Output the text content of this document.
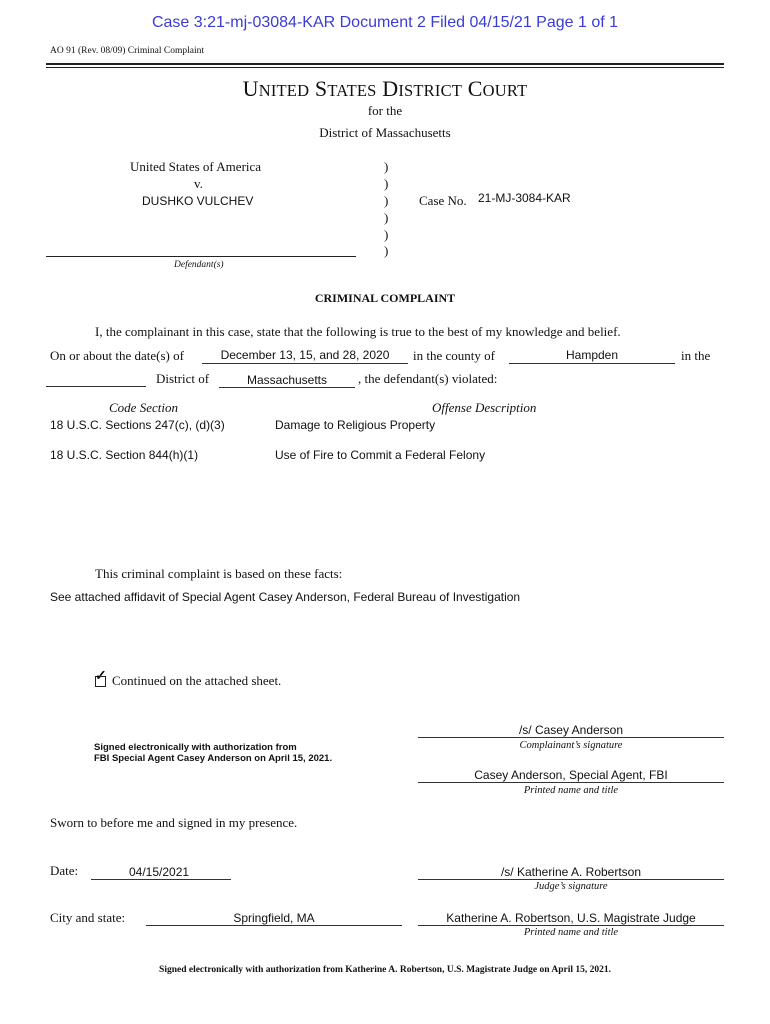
Case 3:21-mj-03084-KAR Document 2 Filed 04/15/21 Page 1 of 1
AO 91 (Rev. 08/09) Criminal Complaint
UNITED STATES DISTRICT COURT
for the
District of Massachusetts
United States of America
v.
DUSHKO VULCHEV
Defendant(s)
)
)
)
)
)
)
Case No. 21-MJ-3084-KAR
CRIMINAL COMPLAINT
I, the complainant in this case, state that the following is true to the best of my knowledge and belief.
On or about the date(s) of	December 13, 15, and 28, 2020	in the county of	Hampden	in the
District of	Massachusetts	, the defendant(s) violated:
Code Section	Offense Description
18 U.S.C. Sections 247(c), (d)(3)	Damage to Religious Property
18 U.S.C. Section 844(h)(1)	Use of Fire to Commit a Federal Felony
This criminal complaint is based on these facts:
See attached affidavit of Special Agent Casey Anderson, Federal Bureau of Investigation
✓ Continued on the attached sheet.
/s/ Casey Anderson
Complainant’s signature
Signed electronically with authorization from
FBI Special Agent Casey Anderson on April 15, 2021.
Casey Anderson, Special Agent, FBI
Printed name and title
Sworn to before me and signed in my presence.
Date:	04/15/2021	/s/ Katherine A. Robertson
Judge’s signature
City and state:	Springfield, MA	Katherine A. Robertson, U.S. Magistrate Judge
Printed name and title
Signed electronically with authorization from Katherine A. Robertson, U.S. Magistrate Judge on April 15, 2021.
